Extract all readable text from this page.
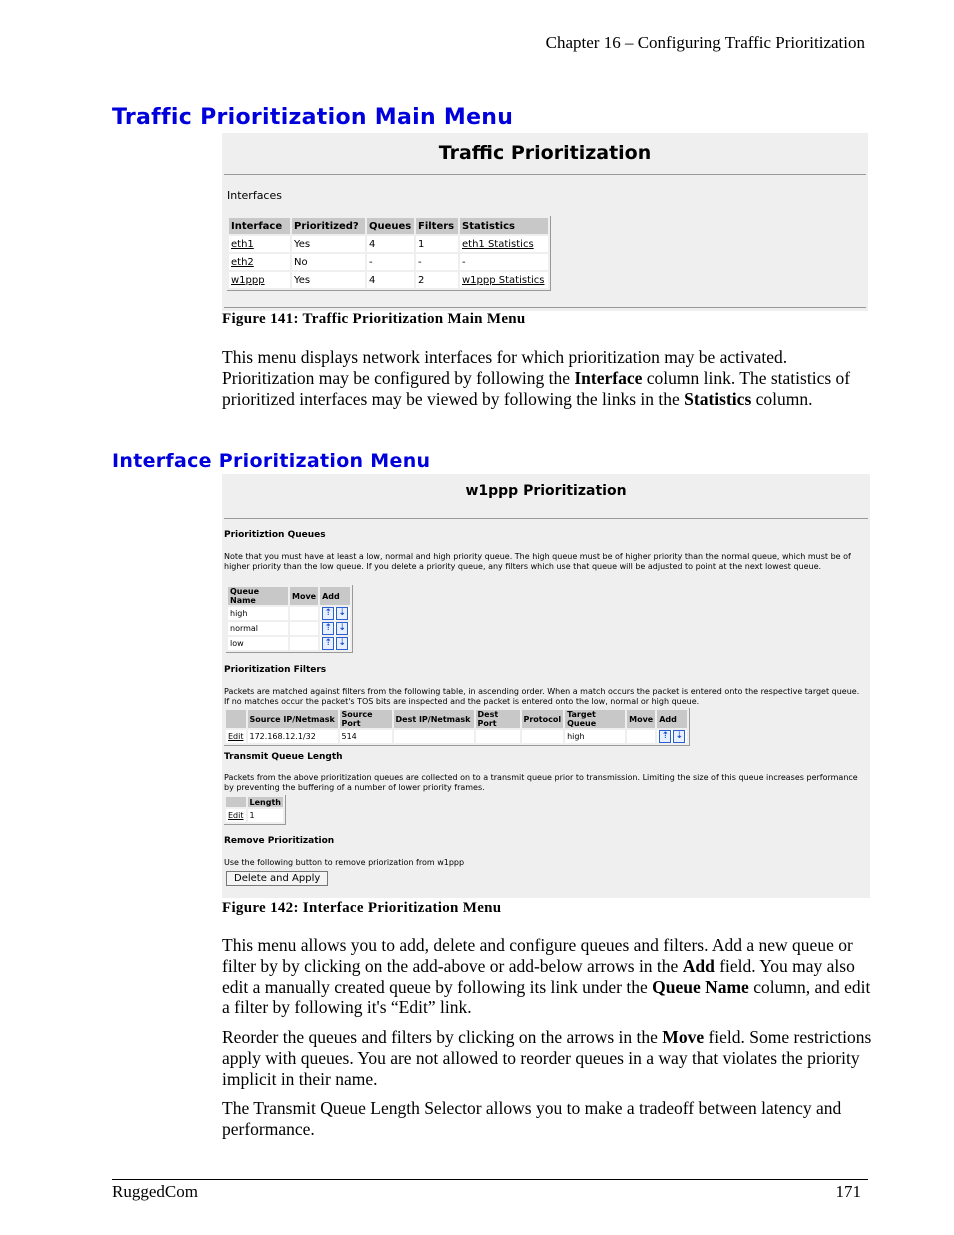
Chapter 16 – Configuring Traffic Prioritization
Traffic Prioritization Main Menu
Traffic Prioritization
Interfaces
Interface	Prioritized?	Queues	Filters	Statistics
eth1	Yes	4	1	eth1 Statistics
eth2	No	-	-	-
w1ppp	Yes	4	2	w1ppp Statistics
Figure 141: Traffic Prioritization Main Menu

This menu displays network interfaces for which prioritization may be activated. Prioritization may be configured by following the Interface column link. The statistics of prioritized interfaces may be viewed by following the links in the Statistics column.

Interface Prioritization Menu
w1ppp Prioritization
Prioritiztion Queues
Note that you must have at least a low, normal and high priority queue. The high queue must be of higher priority than the normal queue, which must be of higher priority than the low queue. If you delete a priority queue, any filters which use that queue will be adjusted to point at the next lowest queue.
Queue Name	Move	Add
high		⇡ ⇣

normal		⇡ ⇣

low		⇡ ⇣
Prioritization Filters
Packets are matched against filters from the following table, in ascending order. When a match occurs the packet is entered onto the respective target queue. If no matches occur the packet's TOS bits are inspected and the packet is entered onto the low, normal or high queue.
	Source IP/Netmask	Source Port	Dest IP/Netmask	Dest Port	Protocol	Target Queue	Move	Add
Edit	172.168.12.1/32	514				high		⇡ ⇣
Transmit Queue Length
Packets from the above prioritization queues are collected on to a transmit queue prior to transmission. Limiting the size of this queue increases performance by preventing the buffering of a number of lower priority frames.
	Length
Edit	1
Remove Prioritization
Use the following button to remove priorization from w1ppp
Delete and Apply
Figure 142: Interface Prioritization Menu

This menu allows you to add, delete and configure queues and filters. Add a new queue or filter by by clicking on the add-above or add-below arrows in the Add field. You may also edit a manually created queue by following its link under the Queue Name column, and edit a filter by following it's “Edit” link.

Reorder the queues and filters by clicking on the arrows in the Move field. Some restrictions apply with queues. You are not allowed to reorder queues in a way that violates the priority implicit in their name.

The Transmit Queue Length Selector allows you to make a tradeoff between latency and performance.

RuggedCom	171
